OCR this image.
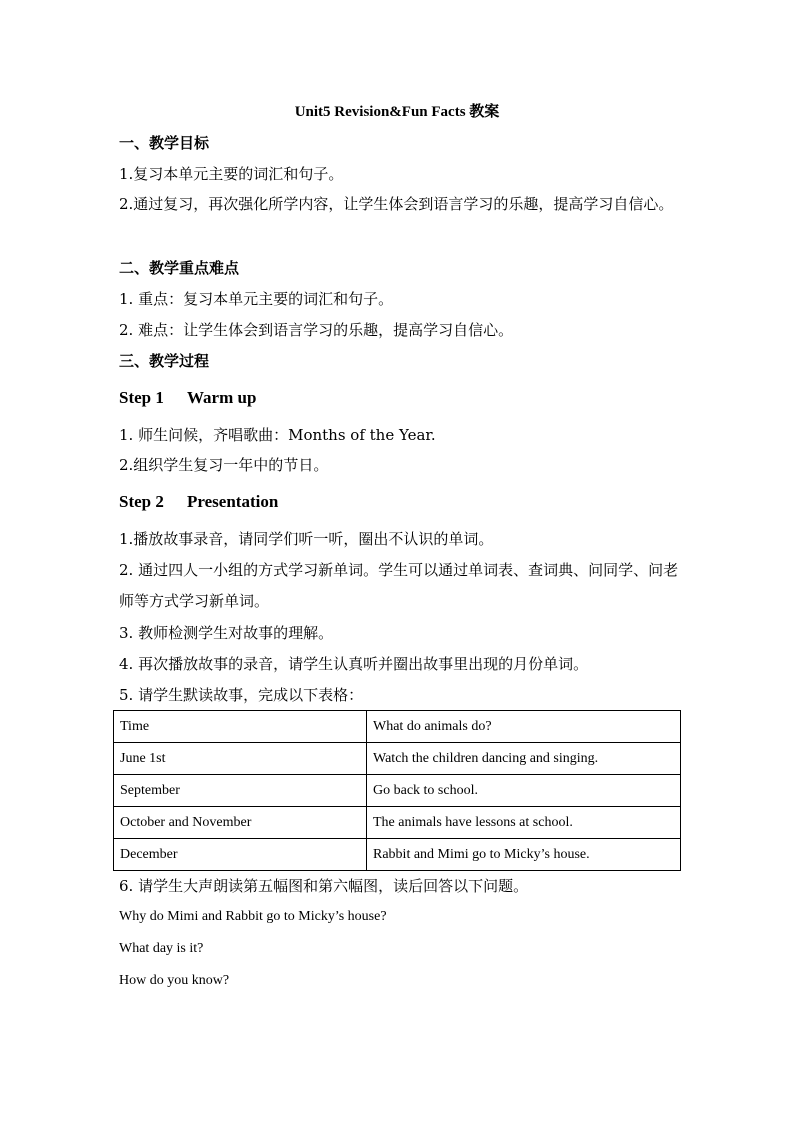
Unit5 Revision&Fun Facts 教案
一、教学目标
1.复习本单元主要的词汇和句子。
2.通过复习，再次强化所学内容，让学生体会到语言学习的乐趣，提高学习自信心。
二、教学重点难点
1. 重点：复习本单元主要的词汇和句子。
2. 难点：让学生体会到语言学习的乐趣，提高学习自信心。
三、教学过程
Step 1 Warm up
1. 师生问候，齐唱歌曲：Months of the Year.
2.组织学生复习一年中的节日。
Step 2 Presentation
1.播放故事录音，请同学们听一听，圈出不认识的单词。
2. 通过四人一小组的方式学习新单词。学生可以通过单词表、查词典、问同学、问老师等方式学习新单词。
3. 教师检测学生对故事的理解。
4. 再次播放故事的录音，请学生认真听并圈出故事里出现的月份单词。
5. 请学生默读故事，完成以下表格：
Time	What do animals do?
June 1st	Watch the children dancing and singing.
September	Go back to school.
October and November	The animals have lessons at school.
December	Rabbit and Mimi go to Micky’s house.
6. 请学生大声朗读第五幅图和第六幅图，读后回答以下问题。
Why do Mimi and Rabbit go to Micky’s house?
What day is it?
How do you know?
